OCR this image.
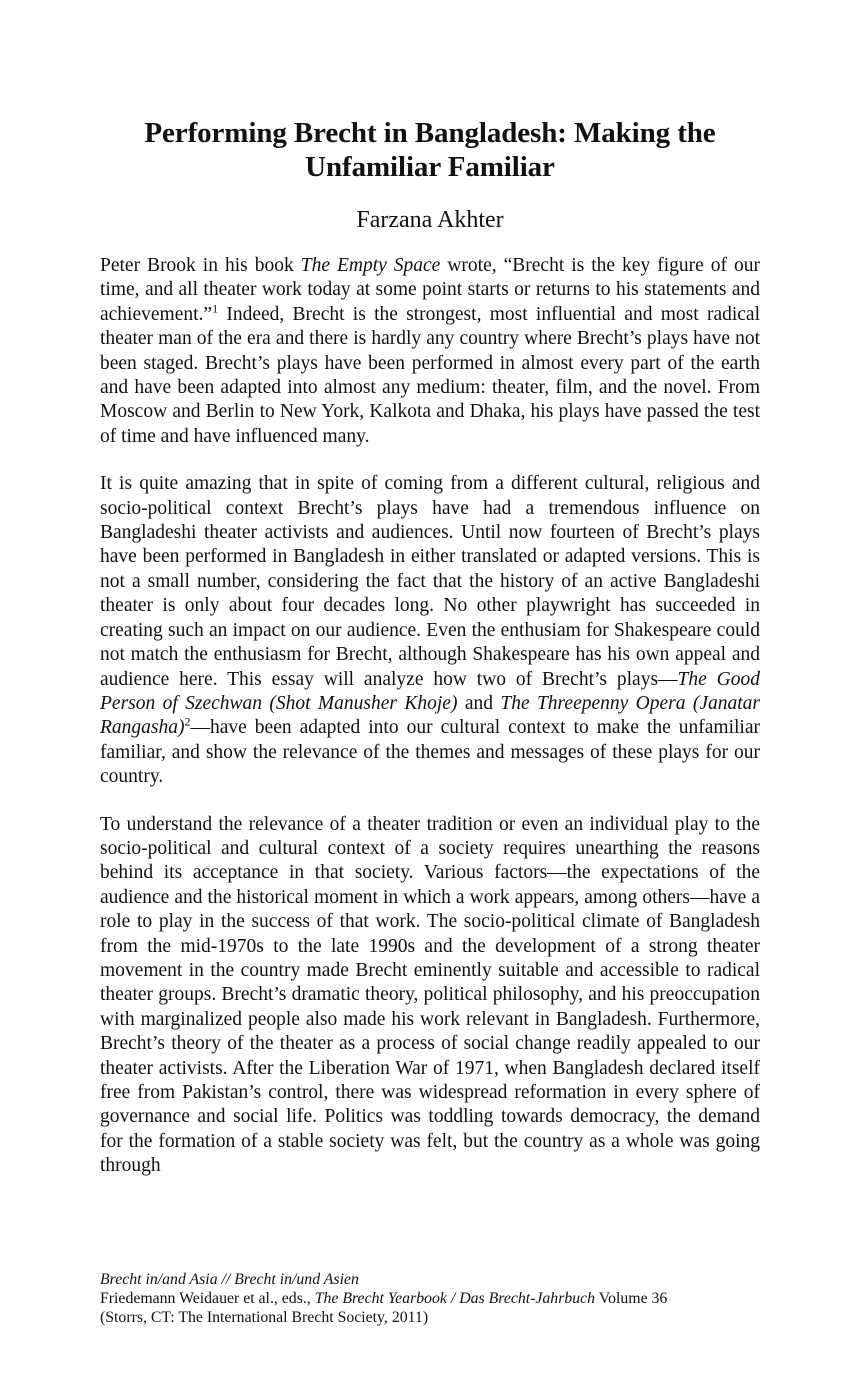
Performing Brecht in Bangladesh: Making the Unfamiliar Familiar
Farzana Akhter

Peter Brook in his book The Empty Space wrote, “Brecht is the key figure of our time, and all theater work today at some point starts or returns to his statements and achievement.”$^1$ Indeed, Brecht is the strongest, most influential and most radical theater man of the era and there is hardly any country where Brecht’s plays have not been staged. Brecht’s plays have been performed in almost every part of the earth and have been adapted into almost any medium: theater, film, and the novel. From Moscow and Berlin to New York, Kalkota and Dhaka, his plays have passed the test of time and have influenced many.

It is quite amazing that in spite of coming from a different cultural, religious and socio-political context Brecht’s plays have had a tremendous influence on Bangladeshi theater activists and audiences. Until now fourteen of Brecht’s plays have been performed in Bangladesh in either translated or adapted versions. This is not a small number, considering the fact that the history of an active Bangladeshi theater is only about four decades long. No other playwright has succeeded in creating such an impact on our audience. Even the enthusiam for Shakespeare could not match the enthusiasm for Brecht, although Shakespeare has his own appeal and audience here. This essay will analyze how two of Brecht’s plays—The Good Person of Szechwan (Shot Manusher Khoje) and The Threepenny Opera (Janatar Rangasha)$^2$—have been adapted into our cultural context to make the unfamiliar familiar, and show the relevance of the themes and messages of these plays for our country.

To understand the relevance of a theater tradition or even an individual play to the socio-political and cultural context of a society requires unearthing the reasons behind its acceptance in that society. Various factors—the expectations of the audience and the historical moment in which a work appears, among others—have a role to play in the success of that work. The socio-political climate of Bangladesh from the mid-1970s to the late 1990s and the development of a strong theater movement in the country made Brecht eminently suitable and accessible to radical theater groups. Brecht’s dramatic theory, political philosophy, and his preoccupation with marginalized people also made his work relevant in Bangladesh. Furthermore, Brecht’s theory of the theater as a process of social change readily appealed to our theater activists. After the Liberation War of 1971, when Bangladesh declared itself free from Pakistan’s control, there was widespread reformation in every sphere of governance and social life. Politics was toddling towards democracy, the demand for the formation of a stable society was felt, but the country as a whole was going through

Brecht in/and Asia // Brecht in/und Asien
Friedemann Weidauer et al., eds., The Brecht Yearbook / Das Brecht-Jahrbuch Volume 36
(Storrs, CT: The International Brecht Society, 2011)
